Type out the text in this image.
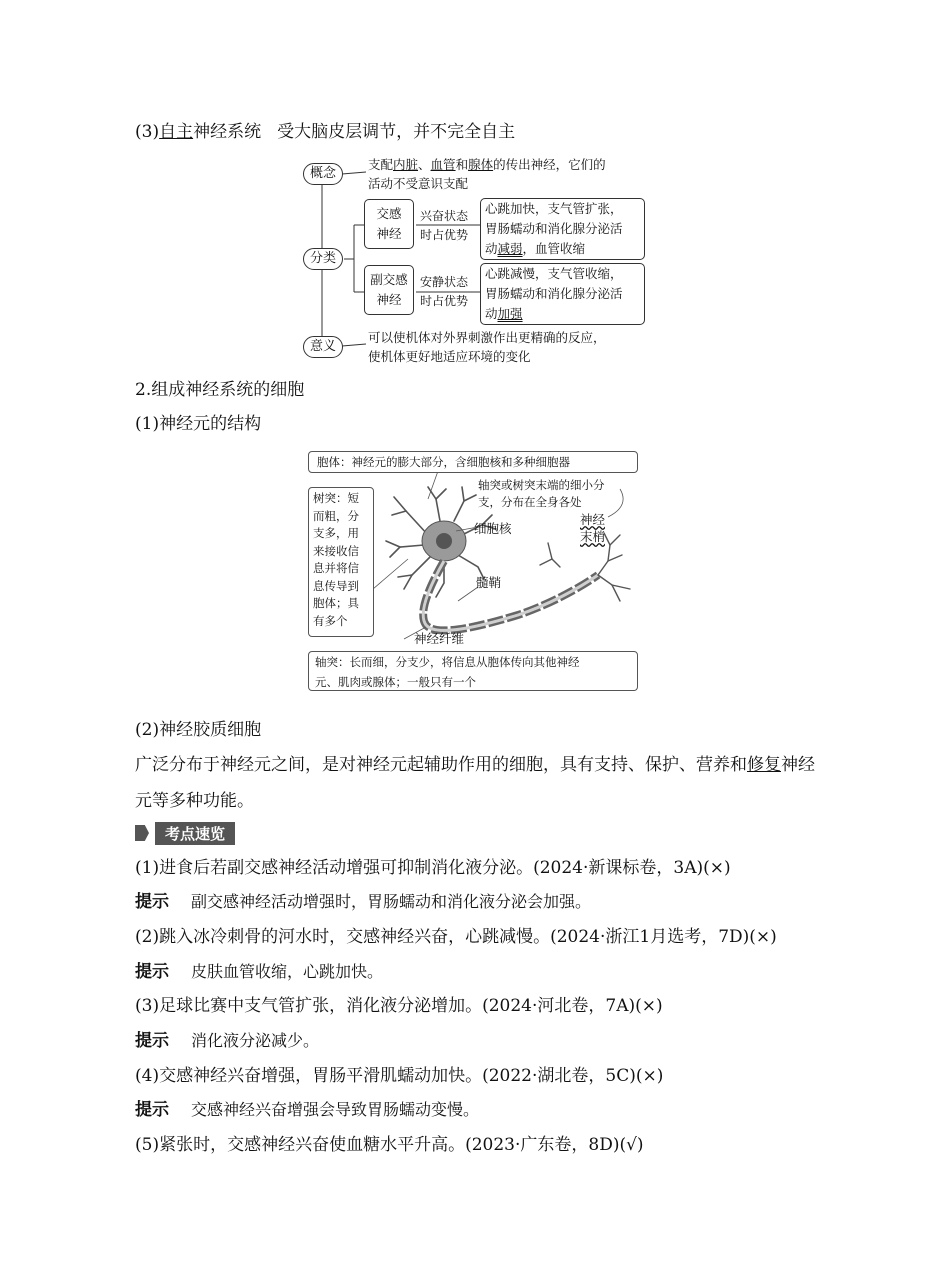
(3)自主神经系统 受大脑皮层调节，并不完全自主
概念
支配内脏、血管和腺体的传出神经，它们的
活动不受意识支配
分类
交感
神经
兴奋状态
时占优势
心跳加快，支气管扩张，
胃肠蠕动和消化腺分泌活
动减弱，血管收缩
副交感
神经
安静状态
时占优势
心跳减慢，支气管收缩，
胃肠蠕动和消化腺分泌活
动加强
意义
可以使机体对外界刺激作出更精确的反应，
使机体更好地适应环境的变化
2.组成神经系统的细胞
(1)神经元的结构
胞体：神经元的膨大部分，含细胞核和多种细胞器
树突：短
而粗，分
支多，用
来接收信
息并将信
息传导到
胞体；具
有多个
轴突或树突末端的细小分
支，分布在全身各处
神经
末梢
细胞核
髓鞘
神经纤维
轴突：长而细，分支少，将信息从胞体传向其他神经
元、肌肉或腺体；一般只有一个
(2)神经胶质细胞
广泛分布于神经元之间，是对神经元起辅助作用的细胞，具有支持、保护、营养和修复神经元等多种功能。
考点速览
(1)进食后若副交感神经活动增强可抑制消化液分泌。(2024·新课标卷，3A)(×)
提示 副交感神经活动增强时，胃肠蠕动和消化液分泌会加强。
(2)跳入冰冷刺骨的河水时，交感神经兴奋，心跳减慢。(2024·浙江1月选考，7D)(×)
提示 皮肤血管收缩，心跳加快。
(3)足球比赛中支气管扩张，消化液分泌增加。(2024·河北卷，7A)(×)
提示 消化液分泌减少。
(4)交感神经兴奋增强，胃肠平滑肌蠕动加快。(2022·湖北卷，5C)(×)
提示 交感神经兴奋增强会导致胃肠蠕动变慢。
(5)紧张时，交感神经兴奋使血糖水平升高。(2023·广东卷，8D)(√)
